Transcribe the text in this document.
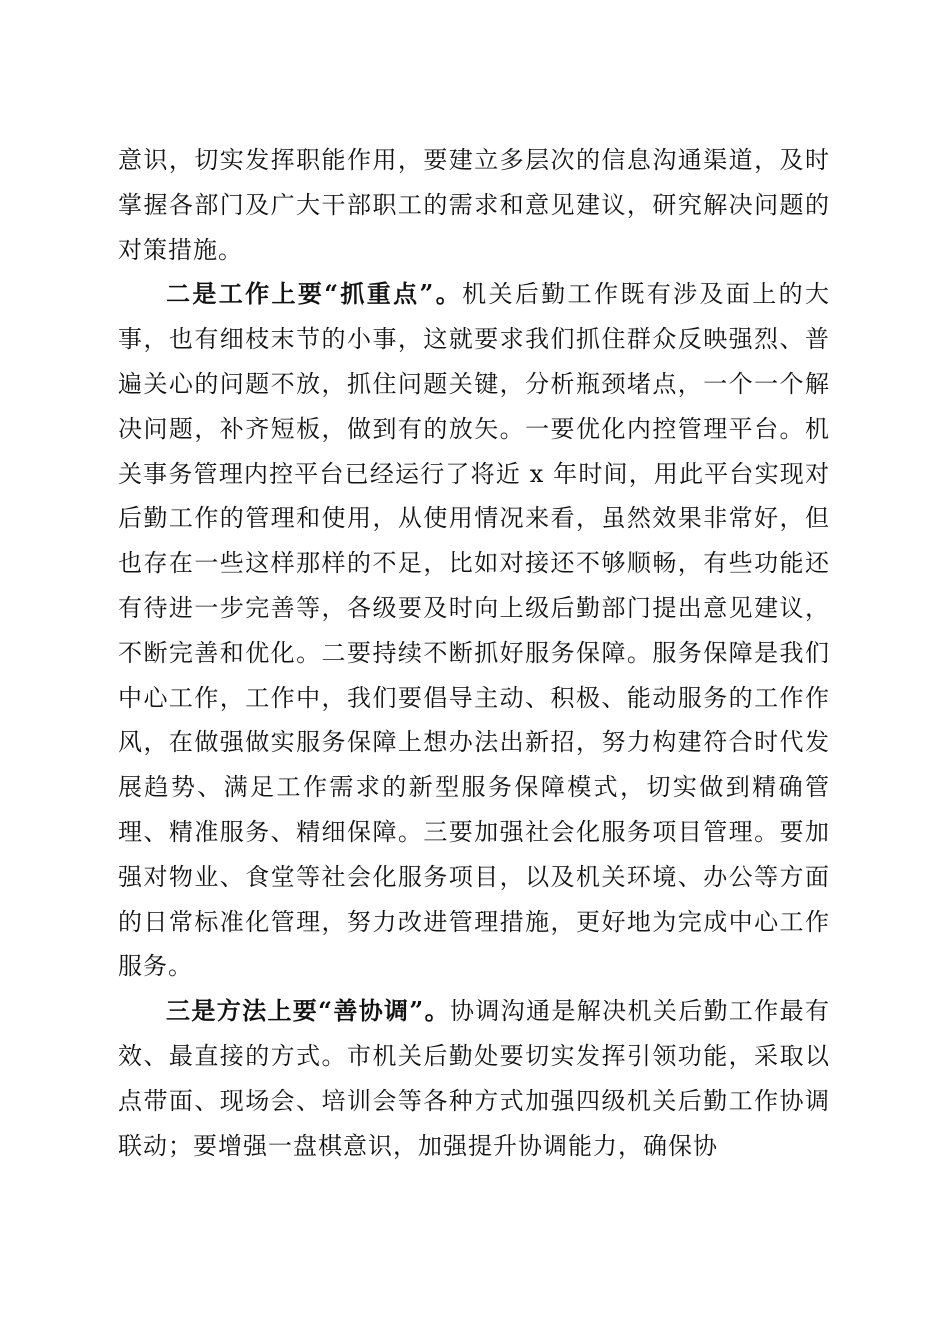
意识，切实发挥职能作用，要建立多层次的信息沟通渠道，及时掌握各部门及广大干部职工的需求和意见建议，研究解决问题的对策措施。

二是工作上要“抓重点”。机关后勤工作既有涉及面上的大事，也有细枝末节的小事，这就要求我们抓住群众反映强烈、普遍关心的问题不放，抓住问题关键，分析瓶颈堵点，一个一个解决问题，补齐短板，做到有的放矢。一要优化内控管理平台。机关事务管理内控平台已经运行了将近 x 年时间，用此平台实现对后勤工作的管理和使用，从使用情况来看，虽然效果非常好，但也存在一些这样那样的不足，比如对接还不够顺畅，有些功能还有待进一步完善等，各级要及时向上级后勤部门提出意见建议，不断完善和优化。二要持续不断抓好服务保障。服务保障是我们中心工作，工作中，我们要倡导主动、积极、能动服务的工作作风，在做强做实服务保障上想办法出新招，努力构建符合时代发展趋势、满足工作需求的新型服务保障模式，切实做到精确管理、精准服务、精细保障。三要加强社会化服务项目管理。要加强对物业、食堂等社会化服务项目，以及机关环境、办公等方面的日常标准化管理，努力改进管理措施，更好地为完成中心工作服务。

三是方法上要“善协调”。协调沟通是解决机关后勤工作最有效、最直接的方式。市机关后勤处要切实发挥引领功能，采取以点带面、现场会、培训会等各种方式加强四级机关后勤工作协调联动；要增强一盘棋意识，加强提升协调能力，确保协
